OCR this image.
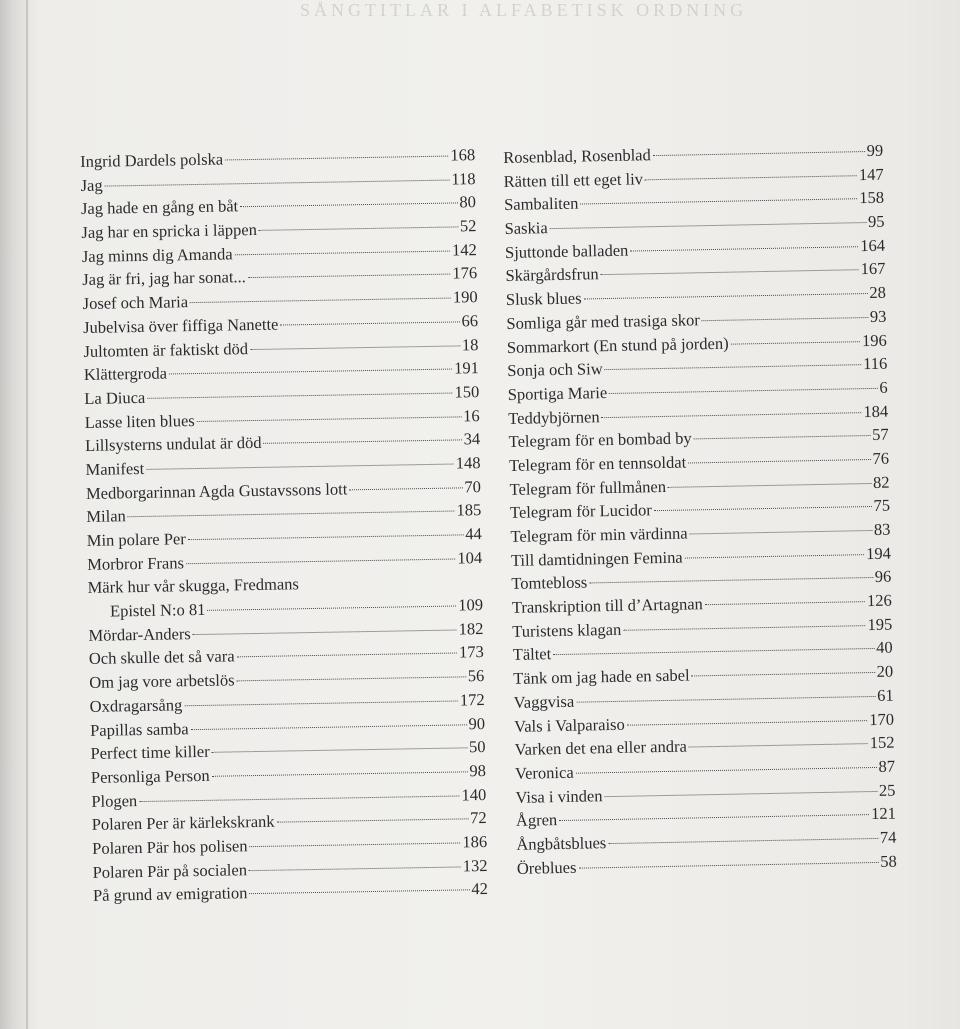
SÅNGTITLAR I ALFABETISK ORDNING
Ingrid Dardels polska	168
Jag	118
Jag hade en gång en båt	80
Jag har en spricka i läppen	52
Jag minns dig Amanda	142
Jag är fri, jag har sonat...	176
Josef och Maria	190
Jubelvisa över fiffiga Nanette	66
Jultomten är faktiskt död	18
Klättergroda	191
La Diuca	150
Lasse liten blues	16
Lillsysterns undulat är död	34
Manifest	148
Medborgarinnan Agda Gustavssons lott	70
Milan	185
Min polare Per	44
Morbror Frans	104
Märk hur vår skugga, Fredmans
Epistel N:o 81	109
Mördar-Anders	182
Och skulle det så vara	173
Om jag vore arbetslös	56
Oxdragarsång	172
Papillas samba	90
Perfect time killer	50
Personliga Person	98
Plogen	140
Polaren Per är kärlekskrank	72
Polaren Pär hos polisen	186
Polaren Pär på socialen	132
På grund av emigration	42
Rosenblad, Rosenblad	99
Rätten till ett eget liv	147
Sambaliten	158
Saskia	95
Sjuttonde balladen	164
Skärgårdsfrun	167
Slusk blues	28
Somliga går med trasiga skor	93
Sommarkort (En stund på jorden)	196
Sonja och Siw	116
Sportiga Marie	6
Teddybjörnen	184
Telegram för en bombad by	57
Telegram för en tennsoldat	76
Telegram för fullmånen	82
Telegram för Lucidor	75
Telegram för min värdinna	83
Till damtidningen Femina	194
Tomtebloss	96
Transkription till d’Artagnan	126
Turistens klagan	195
Tältet	40
Tänk om jag hade en sabel	20
Vaggvisa	61
Vals i Valparaiso	170
Varken det ena eller andra	152
Veronica	87
Visa i vinden	25
Ågren	121
Ångbåtsblues	74
Öreblues	58
